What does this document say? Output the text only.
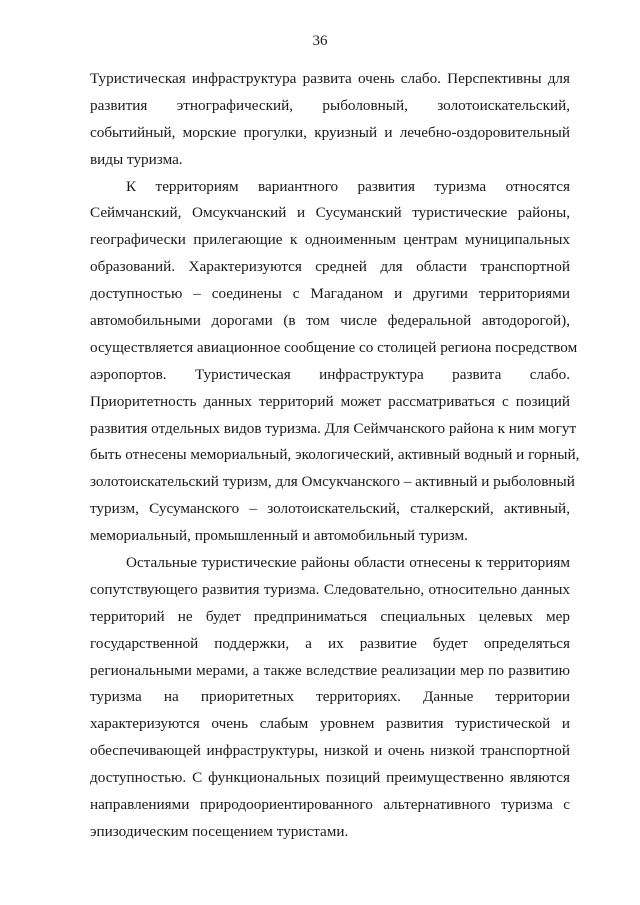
36
Туристическая инфраструктура развита очень слабо. Перспективны для
развития этнографический, рыболовный, золотоискательский,
событийный, морские прогулки, круизный и лечебно-оздоровительный
виды туризма.
К территориям вариантного развития туризма относятся
Сеймчанский, Омсукчанский и Сусуманский туристические районы,
географически прилегающие к одноименным центрам муниципальных
образований. Характеризуются средней для области транспортной
доступностью – соединены с Магаданом и другими территориями
автомобильными дорогами (в том числе федеральной автодорогой),
осуществляется авиационное сообщение со столицей региона посредством
аэропортов. Туристическая инфраструктура развита слабо.
Приоритетность данных территорий может рассматриваться с позиций
развития отдельных видов туризма. Для Сеймчанского района к ним могут
быть отнесены мемориальный, экологический, активный водный и горный,
золотоискательский туризм, для Омсукчанского – активный и рыболовный
туризм, Сусуманского – золотоискательский, сталкерский, активный,
мемориальный, промышленный и автомобильный туризм.
Остальные туристические районы области отнесены к территориям
сопутствующего развития туризма. Следовательно, относительно данных
территорий не будет предприниматься специальных целевых мер
государственной поддержки, а их развитие будет определяться
региональными мерами, а также вследствие реализации мер по развитию
туризма на приоритетных территориях. Данные территории
характеризуются очень слабым уровнем развития туристической и
обеспечивающей инфраструктуры, низкой и очень низкой транспортной
доступностью. С функциональных позиций преимущественно являются
направлениями природоориентированного альтернативного туризма с
эпизодическим посещением туристами.
